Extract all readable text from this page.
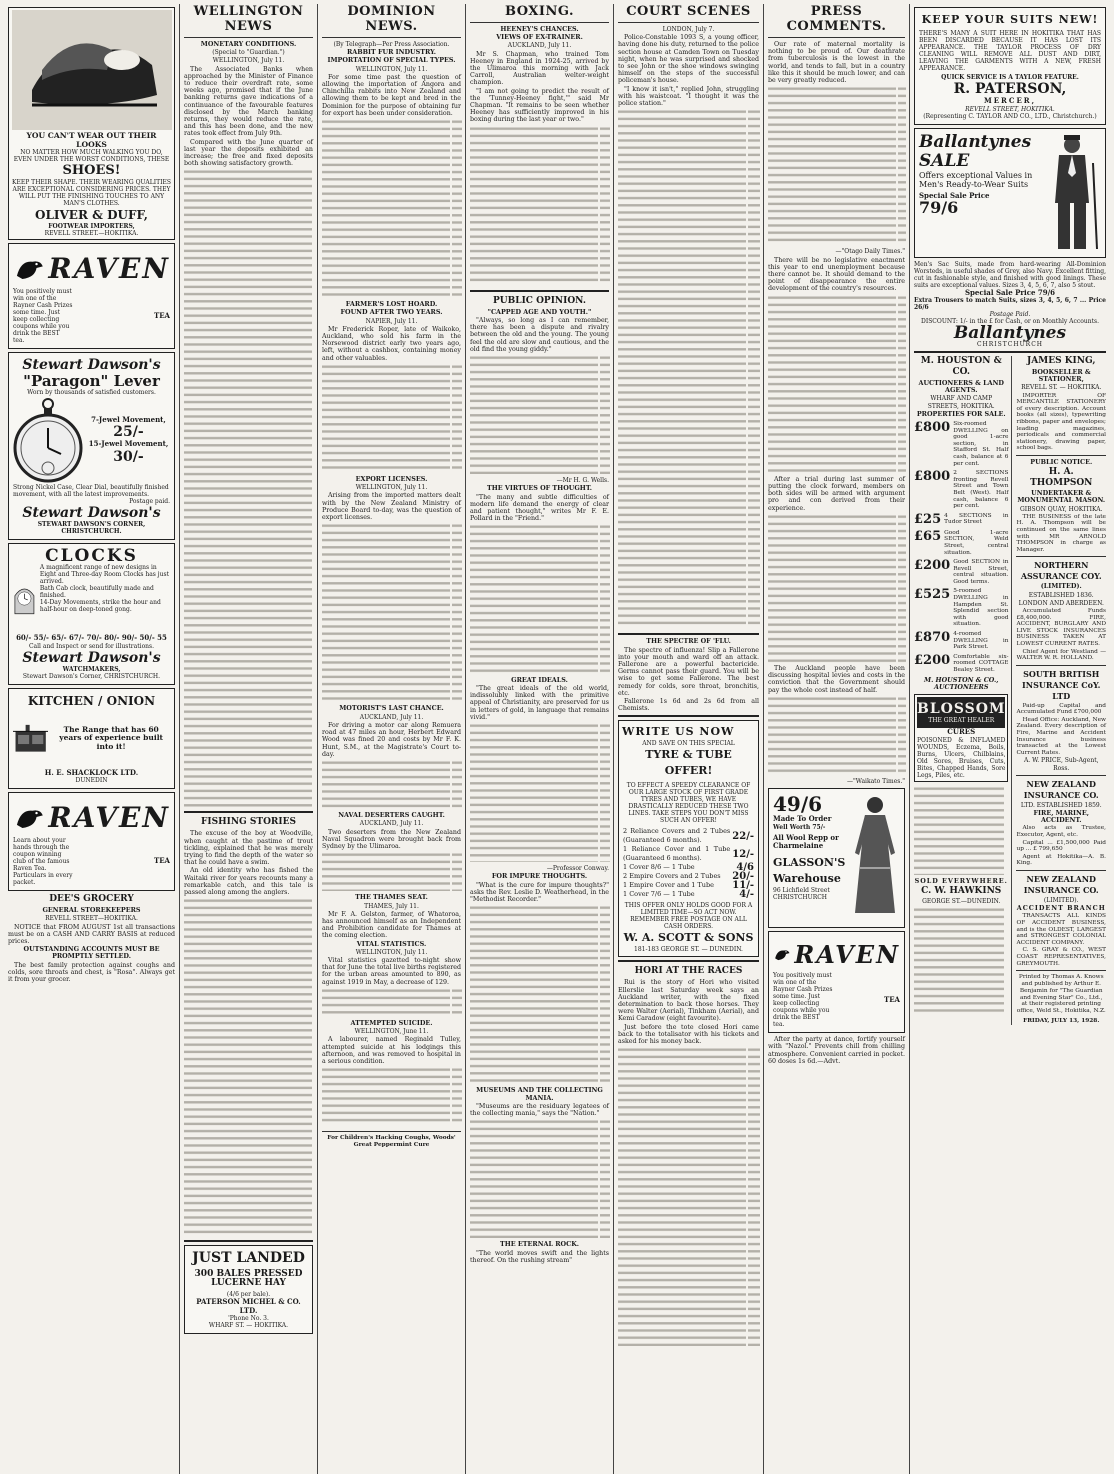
YOU CAN'T WEAR OUT THEIR LOOKS
NO MATTER HOW MUCH WALKING YOU DO, EVEN UNDER THE WORST CONDITIONS, THESE
SHOES!
KEEP THEIR SHAPE. THEIR WEARING QUALITIES ARE EXCEPTIONAL CONSIDERING PRICES. THEY WILL PUT THE FINISHING TOUCHES TO ANY MAN'S CLOTHES.
OLIVER & DUFF,
FOOTWEAR IMPORTERS,
REVELL STREET.—HOKITIKA.
RAVEN
You positively must win one of the Rayner Cash Prizes some time. Just keep collecting coupons while you drink the BEST tea.
TEA
Stewart Dawson's
"Paragon" Lever
Worn by thousands of satisfied customers.
7-Jewel Movement,
25/-
15-Jewel Movement,
30/-
Strong Nickel Case, Clear Dial, beautifully finished movement, with all the latest improvements.
Postage paid.
Stewart Dawson's
STEWART DAWSON'S CORNER, CHRISTCHURCH.
CLOCKS
A magnificent range of new designs in Eight and Three-day Room Clocks has just arrived.
Bath Cab clock, beautifully made and finished.
14-Day Movements, strike the hour and half-hour on deep-toned gong.
60/- 55/- 65/- 67/- 70/- 80/- 90/- 50/- 55
Call and Inspect or send for illustrations.
Stewart Dawson's
WATCHMAKERS,
Stewart Dawson's Corner, CHRISTCHURCH.
KITCHEN / ONION
The Range that has 60 years of experience built into it!
H. E. SHACKLOCK LTD.
DUNEDIN
RAVEN
Learn about your hands through the coupon winning club of the famous Raven Tea. Particulars in every packet.
TEA
DEE'S GROCERY
GENERAL STOREKEEPERS
REVELL STREET—HOKITIKA.

NOTICE that FROM AUGUST 1st all transactions must be on a CASH AND CARRY BASIS at reduced prices.

OUTSTANDING ACCOUNTS MUST BE PROMPTLY SETTLED.

The best family protection against coughs and colds, sore throats and chest, is "Rosa". Always get it from your grocer.

WELLINGTON NEWS
MONETARY CONDITIONS.
(Special to "Guardian.")
WELLINGTON, July 11.

The Associated Banks when approached by the Minister of Finance to reduce their overdraft rate, some weeks ago, promised that if the June banking returns gave indications of a continuance of the favourable features disclosed by the March banking returns, they would reduce the rate, and this has been done, and the new rates took effect from July 9th.

Compared with the June quarter of last year the deposits exhibited an increase; the free and fixed deposits both showing satisfactory growth.

FISHING STORIES

The excuse of the boy at Woodville, when caught at the pastime of trout tickling, explained that he was merely trying to find the depth of the water so that he could have a swim.

An old identity who has fished the Waitaki river for years recounts many a remarkable catch, and this tale is passed along among the anglers.

JUST LANDED
300 BALES PRESSED LUCERNE HAY
(4/6 per bale).
PATERSON MICHEL & CO. LTD.
'Phone No. 3.
WHARF ST. — HOKITIKA.
DOMINION NEWS.
(By Telegraph—Per Press Association.
RABBIT FUR INDUSTRY.
IMPORTATION OF SPECIAL TYPES.
WELLINGTON, July 11.

For some time past the question of allowing the importation of Angora and Chinchilla rabbits into New Zealand and allowing them to be kept and bred in the Dominion for the purpose of obtaining fur for export has been under consideration.

FARMER'S LOST HOARD.
FOUND AFTER TWO YEARS.
NAPIER, July 11.

Mr Frederick Roper, late of Waikoko, Auckland, who sold his farm in the Norsewood district early two years ago, left, without a cashbox, containing money and other valuables.

EXPORT LICENSES.
WELLINGTON, July 11.

Arising from the imported matters dealt with by the New Zealand Ministry of Produce Board to-day, was the question of export licenses.

MOTORIST'S LAST CHANCE.
AUCKLAND, July 11.

For driving a motor car along Remuera road at 47 miles an hour, Herbert Edward Wood was fined 20 and costs by Mr F. K. Hunt, S.M., at the Magistrate's Court to-day.

NAVAL DESERTERS CAUGHT.
AUCKLAND, July 11.

Two deserters from the New Zealand Naval Squadron were brought back from Sydney by the Ulimaroa.

THE THAMES SEAT.
THAMES, July 11.

Mr F. A. Gelston, farmer, of Whatoroa, has announced himself as an Independent and Prohibition candidate for Thames at the coming election.

VITAL STATISTICS.
WELLINGTON, July 11.

Vital statistics gazetted to-night show that for June the total live births registered for the urban areas amounted to 890, as against 1919 in May, a decrease of 129.

ATTEMPTED SUICIDE.
WELLINGTON, June 11.

A labourer, named Reginald Tulley, attempted suicide at his lodgings this afternoon, and was removed to hospital in a serious condition.

For Children's Hacking Coughs, Woods' Great Peppermint Cure
BOXING.
HEENEY'S CHANCES.
VIEWS OF EX-TRAINER.
AUCKLAND, July 11.

Mr S. Chapman, who trained Tom Heeney in England in 1924-25, arrived by the Ulimaroa this morning with Jack Carroll, Australian welter-weight champion.

"I am not going to predict the result of the 'Tunney-Heeney fight,'" said Mr Chapman. "It remains to be seen whether Heeney has sufficiently improved in his boxing during the last year or two."

PUBLIC OPINION.
"CAPPED AGE AND YOUTH."

"Always, so long as I can remember, there has been a dispute and rivalry between the old and the young. The young feel the old are slow and cautious, and the old find the young giddy."

—Mr H. G. Wells.
THE VIRTUES OF THOUGHT.

"The many and subtle difficulties of modern life demand the energy of clear and patient thought," writes Mr F. E. Pollard in the "Friend."

GREAT IDEALS.

"The great ideals of the old world, indissolubly linked with the primitive appeal of Christianity, are preserved for us in letters of gold, in language that remains vivid."

—Professor Conway.
FOR IMPURE THOUGHTS.

"What is the cure for impure thoughts?" asks the Rev. Leslie D. Weatherhead, in the "Methodist Recorder."

MUSEUMS AND THE COLLECTING MANIA.

"Museums are the residuary legatees of the collecting mania," says the "Nation."

THE ETERNAL ROCK.

"The world moves swift and the lights thereof. On the rushing stream"

COURT SCENES
LONDON, July 7.

Police-Constable 1093 S, a young officer, having done his duty, returned to the police section house at Camden Town on Tuesday night, when he was surprised and shocked to see John or the shoe windows swinging himself on the steps of the successful policeman's house.

"I know it isn't," replied John, struggling with his waistcoat. "I thought it was the police station."

THE SPECTRE OF 'FLU.

The spectre of influenza! Slip a Fallerone into your mouth and ward off an attack. Fallerone are a powerful bactericide. Germs cannot pass their guard. You will be wise to get some Fallerone. The best remedy for colds, sore throat, bronchitis, etc.

Fallerone 1s 6d and 2s 6d from all Chemists.

WRITE US NOW
AND SAVE ON THIS SPECIAL
TYRE & TUBE OFFER!
TO EFFECT A SPEEDY CLEARANCE OF OUR LARGE STOCK OF FIRST GRADE TYRES AND TUBES, WE HAVE DRASTICALLY REDUCED THESE TWO LINES. TAKE STEPS YOU DON'T MISS SUCH AN OFFER!
2 Reliance Covers and 2 Tubes (Guaranteed 6 months).	22/-
1 Reliance Cover and 1 Tube (Guaranteed 6 months).	12/-
1 Cover 8/6 — 1 Tube	4/6
2 Empire Covers and 2 Tubes	20/-
1 Empire Cover and 1 Tube	11/-
1 Cover 7/6 — 1 Tube	4/-
THIS OFFER ONLY HOLDS GOOD FOR A LIMITED TIME—SO ACT NOW. REMEMBER FREE POSTAGE ON ALL CASH ORDERS.
W. A. SCOTT & SONS
181-183 GEORGE ST. — DUNEDIN.
HORI AT THE RACES

Rui is the story of Hori who visited Ellerslie last Saturday week says an Auckland writer, with the fixed determination to back those horses. They were Walter (Aerial), Tinkham (Aerial), and Kemi Caradow (eight favourite).

Just before the tote closed Hori came back to the totalisator with his tickets and asked for his money back.

PRESS COMMENTS.

Our rate of maternal mortality is nothing to be proud of. Our deathrate from tuberculosis is the lowest in the world, and tends to fall, but in a country like this it should be much lower, and can be very greatly reduced.

—"Otago Daily Times."

There will be no legislative enactment this year to end unemployment because there cannot be. It should demand to the point of disappearance the entire development of the country's resources.

After a trial during last summer of putting the clock forward, members on both sides will be armed with argument pro and con derived from their experience.

The Auckland people have been discussing hospital levies and costs in the conviction that the Government should pay the whole cost instead of half.

—"Waikato Times."
49/6
Made To Order
Well Worth 75/-
All Wool Repp or Charmelaine
GLASSON'S Warehouse
96 Lichfield Street CHRISTCHURCH
RAVEN
You positively must win one of the Rayner Cash Prizes some time. Just keep collecting coupons while you drink the BEST tea.
TEA

After the party at dance, fortify yourself with "Nazol." Prevents chill from chilling atmosphere. Convenient carried in pocket. 60 doses 1s 6d.—Advt.

KEEP YOUR SUITS NEW!
THERE'S MANY A SUIT HERE IN HOKITIKA THAT HAS BEEN DISCARDED BECAUSE IT HAS LOST ITS APPEARANCE. THE TAYLOR PROCESS OF DRY CLEANING WILL REMOVE ALL DUST AND DIRT, LEAVING THE GARMENTS WITH A NEW, FRESH APPEARANCE.
QUICK SERVICE IS A TAYLOR FEATURE.
R. PATERSON,
MERCER,
REVELL STREET, HOKITIKA.
(Representing C. TAYLOR AND CO., LTD., Christchurch.)
Ballantynes SALE
Offers exceptional Values in Men's Ready-to-Wear Suits
Special Sale Price
79/6
Men's Sac Suits, made from hard-wearing All-Dominion Worsteds, in useful shades of Grey, also Navy. Excellent fitting, cut in fashionable style, and finished with good linings. These suits are exceptional values. Sizes 3, 4, 5, 6, 7, also 5 stout.
Special Sale Price 79/6
Extra Trousers to match Suits, sizes 3, 4, 5, 6, 7 ... Price 26/6
Postage Paid.
DISCOUNT: 1/- in the £ for Cash, or on Monthly Accounts.
Ballantynes
CHRISTCHURCH
M. HOUSTON & CO.
AUCTIONEERS & LAND AGENTS.
WHARF AND CAMP STREETS, HOKITIKA.
PROPERTIES FOR SALE.
£800 Six-roomed DWELLING on good 1-acre section, in Stafford St. Half cash, balance at 6 per cent.
£800 2 SECTIONS fronting Revell Street and Town Belt (West). Half cash, balance 6 per cent.
£25 4 SECTIONS in Tudor Street
£65 Good 1-acre SECTION, Weld Street, central situation.
£200 Good SECTION in Revell Street, central situation. Good terms.
£525 5-roomed DWELLING in Hampden St. Splendid section with good situation.
£870 4-roomed DWELLING in Park Street.
£200 Comfortable six-roomed COTTAGE Bealey Street.
M. HOUSTON & CO., AUCTIONEERS
BLOSSOM
THE GREAT HEALER
CURES
POISONED & INFLAMED WOUNDS, Eczema, Boils, Burns, Ulcers, Chilblains, Old Sores, Bruises, Cuts, Bites, Chapped Hands, Sore Legs, Piles, etc.
SOLD EVERYWHERE.
C. W. HAWKINS
GEORGE ST.—DUNEDIN.
JAMES KING,
BOOKSELLER & STATIONER,
REVELL ST. — HOKITIKA.

IMPORTER OF MERCANTILE STATIONERY of every description. Account books (all sizes), typewriting ribbons, paper and envelopes; leading magazines, periodicals and commercial stationery, drawing paper, school bags.

PUBLIC NOTICE.
H. A. THOMPSON
UNDERTAKER & MONUMENTAL MASON.
GIBSON QUAY, HOKITIKA.

THE BUSINESS of the late H. A. Thompson will be continued on the same lines with MR ARNOLD THOMPSON in charge as Manager.

NORTHERN ASSURANCE COY.
(LIMITED).
ESTABLISHED 1836.
LONDON AND ABERDEEN.

Accumulated Funds £8,400,000. FIRE, ACCIDENT, BURGLARY AND LIVE STOCK INSURANCES BUSINESS TAKEN AT LOWEST CURRENT RATES.

Chief Agent for Westland — WALTER W. R. HOLLAND.

SOUTH BRITISH INSURANCE CoY. LTD

Paid-up Capital and Accumulated Fund £700,000

Head Office: Auckland, New Zealand. Every description of Fire, Marine and Accident Insurance business transacted at the Lowest Current Rates.

A. W. PRICE, Sub-Agent, Ross.
NEW ZEALAND INSURANCE CO.
LTD. ESTABLISHED 1859.
FIRE, MARINE, ACCIDENT.

Also acts as Trustee, Executor, Agent, etc.

Capital ... £1,500,000 Paid up ... £ 799,650

Agent at Hokitika—A. B. King.

NEW ZEALAND INSURANCE CO.
(LIMITED).
ACCIDENT BRANCH

TRANSACTS ALL KINDS OF ACCIDENT BUSINESS, and is the OLDEST, LARGEST and STRONGEST COLONIAL ACCIDENT COMPANY.

C. S. GRAY & CO., WEST COAST REPRESENTATIVES, GREYMOUTH.

Printed by Thomas A. Knows and published by Arthur E. Benjamin for "The Guardian and Evening Star" Co., Ltd., at their registered printing office, Weld St., Hokitika, N.Z.
FRIDAY, JULY 13, 1928.
